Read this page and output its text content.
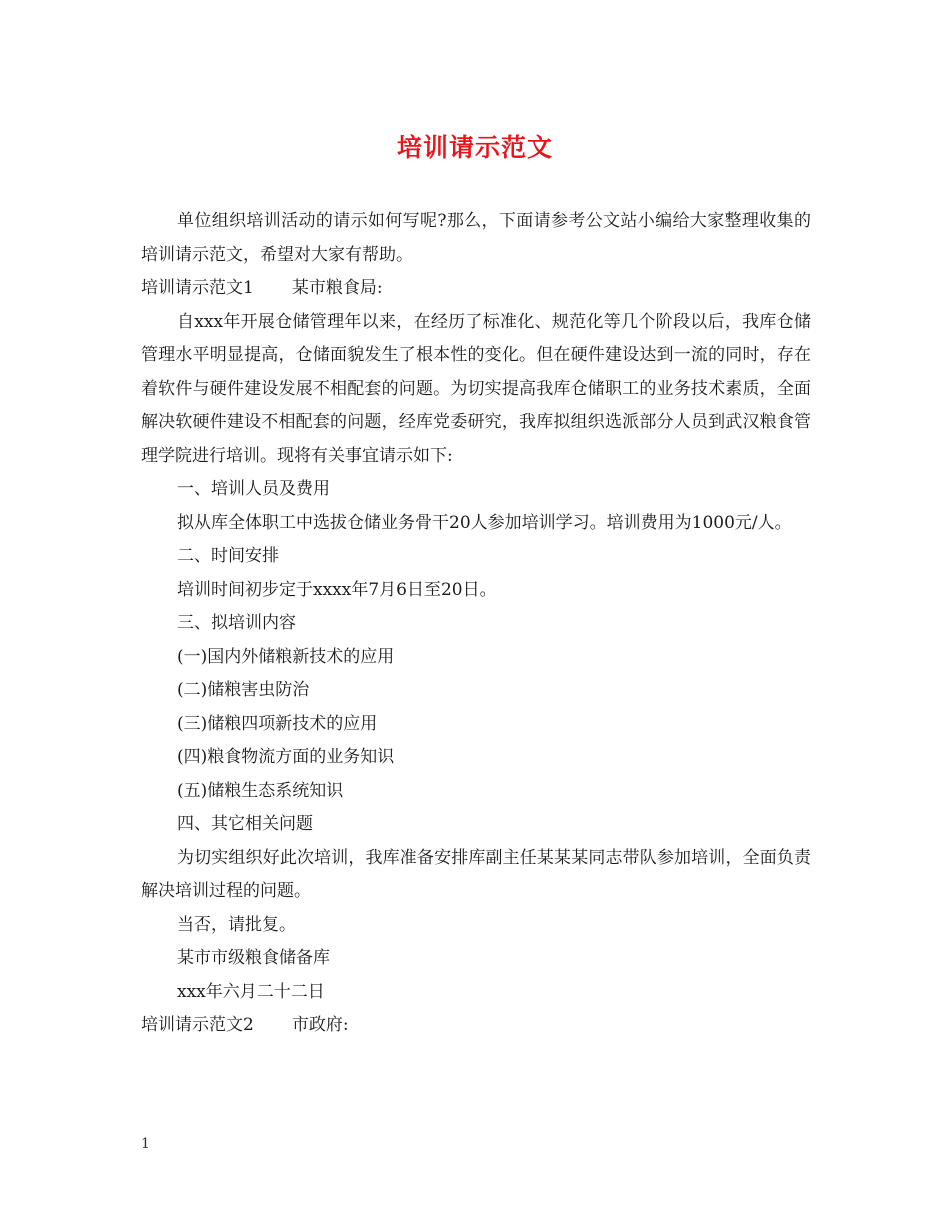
培训请示范文

单位组织培训活动的请示如何写呢?那么，下面请参考公文站小编给大家整理收集的培训请示范文，希望对大家有帮助。

培训请示范文1 某市粮食局:

自xxx年开展仓储管理年以来，在经历了标准化、规范化等几个阶段以后，我库仓储管理水平明显提高，仓储面貌发生了根本性的变化。但在硬件建设达到一流的同时，存在着软件与硬件建设发展不相配套的问题。为切实提高我库仓储职工的业务技术素质，全面解决软硬件建设不相配套的问题，经库党委研究，我库拟组织选派部分人员到武汉粮食管理学院进行培训。现将有关事宜请示如下:

一、培训人员及费用

拟从库全体职工中选拔仓储业务骨干20人参加培训学习。培训费用为1000元/人。

二、时间安排

培训时间初步定于xxxx年7月6日至20日。

三、拟培训内容

(一)国内外储粮新技术的应用

(二)储粮害虫防治

(三)储粮四项新技术的应用

(四)粮食物流方面的业务知识

(五)储粮生态系统知识

四、其它相关问题

为切实组织好此次培训，我库准备安排库副主任某某某同志带队参加培训，全面负责解决培训过程的问题。

当否，请批复。

某市市级粮食储备库

xxx年六月二十二日

培训请示范文2 市政府:

1
